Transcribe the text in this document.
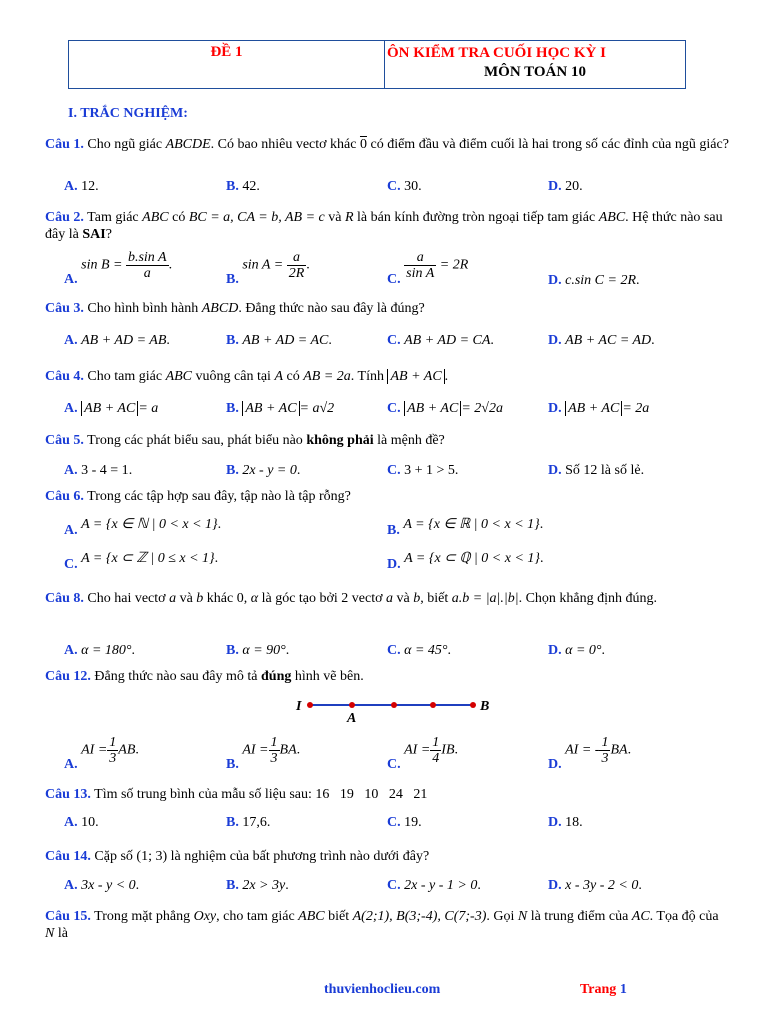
ĐỀ 1	ÔN KIỂM TRA CUỐI HỌC KỲ I
MÔN TOÁN 10
I. TRẮC NGHIỆM:
Câu 1. Cho ngũ giác ABCDE. Có bao nhiêu vectơ khác 0 có điểm đầu và điểm cuối là hai trong số các đỉnh của ngũ giác?
A. 12.	B. 42.	C. 30.	D. 20.
Câu 2. Tam giác ABC có BC = a, CA = b, AB = c và R là bán kính đường tròn ngoại tiếp tam giác ABC. Hệ thức nào sau đây là SAI?
A. $\sin B = \frac{\text{b.sin A}}{a}$ .
B. $\sin A = \frac{a}{2R}$ .
C. $\frac{a}{\text{sin A}} = 2R$
D. c.sin C = 2R.
Câu 3. Cho hình bình hành ABCD. Đẳng thức nào sau đây là đúng?
A. AB + AD = AB.	B. AB + AD = AC.	C. AB + AD = CA.	D. AB + AC = AD.
Câu 4. Cho tam giác ABC vuông cân tại A có AB = 2a. Tính AB + AC .
A. AB + AC = a	B. AB + AC = a√2	C. AB + AC = 2√2a	D. AB + AC = 2a
Câu 5. Trong các phát biểu sau, phát biểu nào không phải là mệnh đề?
A. 3 - 4 = 1.	B. 2x - y = 0.	C. 3 + 1 > 5.	D. Số 12 là số lẻ.
Câu 6. Trong các tập hợp sau đây, tập nào là tập rỗng?
A. A = {x ∈ ℕ | 0 < x < 1}.	B. A = {x ∈ ℝ | 0 < x < 1}.
C. A = {x ⊂ ℤ | 0 ≤ x < 1}.	D. A = {x ⊂ ℚ | 0 < x < 1}.
Câu 8. Cho hai vectơ a và b khác 0, α là góc tạo bởi 2 vectơ a và b, biết a.b = |a|.|b|. Chọn khẳng định đúng.
A. α = 180°.	B. α = 90°.	C. α = 45°.	D. α = 0°.
Câu 12. Đẳng thức nào sau đây mô tả đúng hình vẽ bên.
I
A
B
A. AI = $\frac{1}{3}$ AB.
B. AI = $\frac{1}{3}$ BA.
C. AI = $\frac{1}{4}$ IB.
D. AI = - $\frac{1}{3}$ BA.
Câu 13. Tìm số trung bình của mẫu số liệu sau: 16   19   10   24   21
A. 10.	B. 17,6.	C. 19.	D. 18.
Câu 14. Cặp số (1; 3) là nghiệm của bất phương trình nào dưới đây?
A. 3x - y < 0.	B. 2x > 3y.	C. 2x - y - 1 > 0.	D. x - 3y - 2 < 0.
Câu 15. Trong mặt phẳng Oxy, cho tam giác ABC biết A(2;1), B(3;-4), C(7;-3). Gọi N là trung điểm của AC. Tọa độ của N là
thuvienhoclieu.com	Trang 1
